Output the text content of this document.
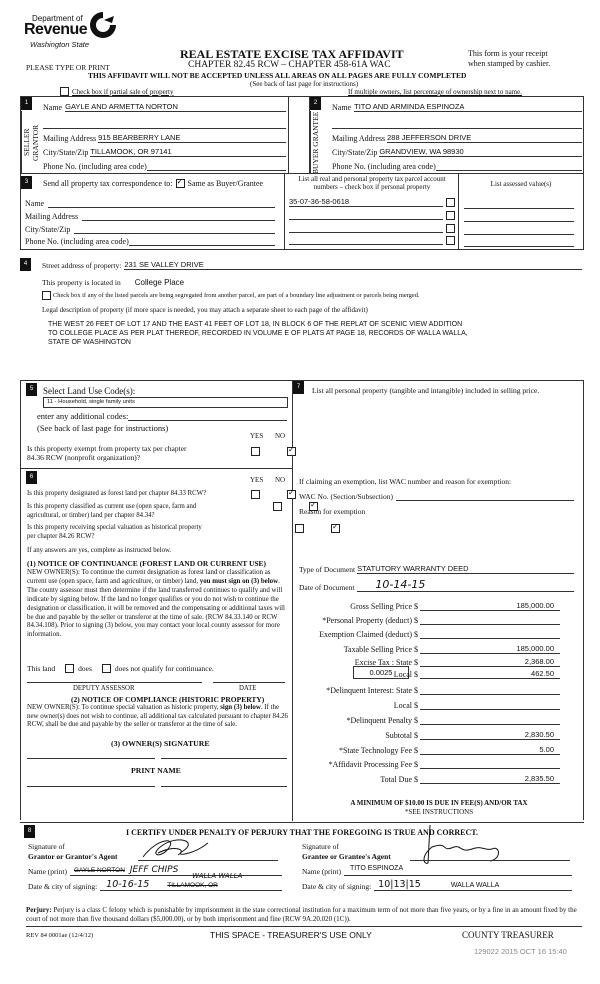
Department of
Revenue
Washington State
REAL ESTATE EXCISE TAX AFFIDAVIT
CHAPTER 82.45 RCW – CHAPTER 458-61A WAC
PLEASE TYPE OR PRINT
This form is your receipt
when stamped by cashier.
THIS AFFIDAVIT WILL NOT BE ACCEPTED UNLESS ALL AREAS ON ALL PAGES ARE FULLY COMPLETED
(See back of last page for instructions)
Check box if partial sale of property	If multiple owners, list percentage of ownership next to name.
1
SELLER GRANTOR
Name GAYLE AND ARMETTA NORTON
Mailing Address 915 BEARBERRY LANE
City/State/Zip TILLAMOOK, OR 97141
Phone No. (including area code)
2
BUYER GRANTEE
Name TITO AND ARMINDA ESPINOZA
Mailing Address 288 JEFFERSON DRIVE
City/State/Zip GRANDVIEW, WA 98930
Phone No. (including area code)
3	Send all property tax correspondence to: ✓ Same as Buyer/Grantee
Name
Mailing Address
City/State/Zip
Phone No. (including area code)
List all real and personal property tax parcel account
numbers – check box if personal property
35-07-36-58-0618
List assessed value(s)
4	Street address of property: 231 SE VALLEY DRIVE
This property is located in College Place
Check box if any of the listed parcels are being segregated from another parcel, are part of a boundary line adjustment or parcels being merged.
Legal description of property (if more space is needed, you may attach a separate sheet to each page of the affidavit)
THE WEST 26 FEET OF LOT 17 AND THE EAST 41 FEET OF LOT 18, IN BLOCK 6 OF THE REPLAT OF SCENIC VIEW ADDITION
TO COLLEGE PLACE AS PER PLAT THEREOF, RECORDED IN VOLUME E OF PLATS AT PAGE 18, RECORDS OF WALLA WALLA,
STATE OF WASHINGTON
5	Select Land Use Code(s):
11 - Household, single family units
enter any additional codes:
(See back of last page for instructions)
YES NO
Is this property exempt from property tax per chapter
84.36 RCW (nonprofit organization)?
✓
6	YES NO
Is this property designated as forest land per chapter 84.33 RCW?
✓
Is this property classified as current use (open space, farm and
agricultural, or timber) land per chapter 84.34?
✓
Is this property receiving special valuation as historical property
per chapter 84.26 RCW?
✓
If any answers are yes, complete as instructed below.
(1) NOTICE OF CONTINUANCE (FOREST LAND OR CURRENT USE)
NEW OWNER(S): To continue the current designation as forest land or classification as current use (open space, farm and agriculture, or timber) land, you must sign on (3) below. The county assessor must then determine if the land transferred continues to qualify and will indicate by signing below. If the land no longer qualifies or you do not wish to continue the designation or classification, it will be removed and the compensating or additional taxes will be due and payable by the seller or transferor at the time of sale. (RCW 84.33.140 or RCW 84.34.108). Prior to signing (3) below, you may contact your local county assessor for more information.
This land	does	does not qualify for continuance.
DEPUTY ASSESSOR	DATE
(2) NOTICE OF COMPLIANCE (HISTORIC PROPERTY)
NEW OWNER(S): To continue special valuation as historic property, sign (3) below. If the new owner(s) does not wish to continue, all additional tax calculated pursuant to chapter 84.26 RCW, shall be due and payable by the seller or transferor at the time of sale.
(3) OWNER(S) SIGNATURE
PRINT NAME
7	List all personal property (tangible and intangible) included in selling price.
If claiming an exemption, list WAC number and reason for exemption:
WAC No. (Section/Subsection)
Reason for exemption
Type of Document STATUTORY WARRANTY DEED
Date of Document	10-14-15
Gross Selling Price $	185,000.00
*Personal Property (deduct) $
Exemption Claimed (deduct) $
Taxable Selling Price $	185,000.00
Excise Tax : State $	2,368.00
0.0025 Local $	462.50
*Delinquent Interest: State $
Local $
*Delinquent Penalty $
Subtotal $	2,830.50
*State Technology Fee $	5.00
*Affidavit Processing Fee $
Total Due $	2,835.50
A MINIMUM OF $10.00 IS DUE IN FEE(S) AND/OR TAX
*SEE INSTRUCTIONS
8	I CERTIFY UNDER PENALTY OF PERJURY THAT THE FOREGOING IS TRUE AND CORRECT.
Signature of
Grantor or Grantor's Agent
Name (print)	GAYLE NORTON JEFF CHIPS
Date & city of signing: 10-16-15	TILLAMOOK, OR
WALLA WALLA
Signature of
Grantee or Grantee's Agent
Name (print)	TITO ESPINOZA
Date & city of signing: 10|13|15	WALLA WALLA
Perjury: Perjury is a class C felony which is punishable by imprisonment in the state correctional institution for a maximum term of not more than five years, or by a fine in an amount fixed by the court of not more than five thousand dollars ($5,000.00), or by both imprisonment and fine (RCW 9A.20.020 (1C)).
REV 84 0001ae (12/4/12)	THIS SPACE - TREASURER'S USE ONLY	COUNTY TREASURER
129022 2015 OCT 16 15:40
